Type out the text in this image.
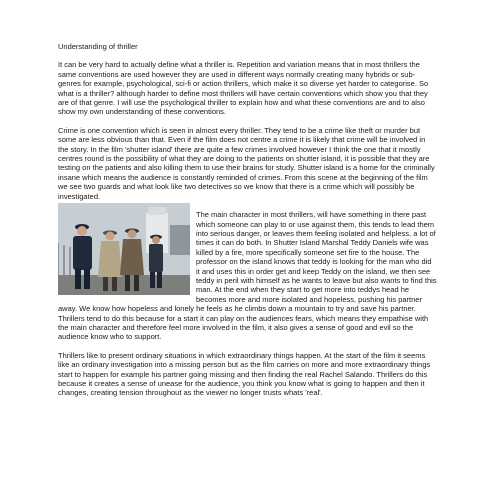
Understanding of thriller

It can be very hard to actually define what a thriller is. Repetition and variation means that in most thrillers the same conventions are used however they are used in different ways normally creating many hybrids or sub-genres for example, psychological, sci-fi or action thrillers, which make it so diverse yet harder to categorise. So what is a thriller? although harder to define most thrillers will have certain conventions which show you that they are of that genre. I will use the psychological thriller to explain how and what these conventions are and to also show my own understanding of these conventions.

Crime is one convention which is seen in almost every thriller. They tend to be a crime like theft or murder but some are less obvious than that. Even if the film does not centre a crime it is likely that crime will be involved in the story. In the film 'shutter island' there are quite a few crimes involved however I think the one that it mostly centres round is the possibility of what they are doing to the patients on shutter island, it is possible that they are testing on the patients and also killing them to use their brains for study. Shutter island is a home for the criminally insane which means the audience is constantly reminded of crimes. From this scene at the beginning of the film we see two guards and what look like two detectives so we know that there is a crime which will possibly be investigated.

The main character in most thrillers, will have something in there past which someone can play to or use against them, this tends to lead them into serious danger, or leaves them feeling isolated and helpless, a lot of times it can do both. In Shutter Island Marshal Teddy Daniels wife was killed by a fire, more specifically someone set fire to the house. The professor on the island knows that teddy is looking for the man who did it and uses this in order get and keep Teddy on the island, we then see teddy in peril with himself as he wants to leave but also wants to find this man. At the end when they start to get more into teddys head he becomes more and more isolated and hopeless, pushing his partner away. We know how hopeless and lonely he feels as he climbs down a mountain to try and save his partner. Thrillers tend to do this because for a start it can play on the audiences fears, which means they empathise with the main character and therefore feel more involved in the film, it also gives a sense of good and evil so the audience know who to support.

Thrillers like to present ordinary situations in which extraordinary things happen. At the start of the film it seems like an ordinary investigation into a missing person but as the film carries on more and more extraordinary things start to happen for example his partner going missing and then finding the real Rachel Salando. Thrillers do this because it creates a sense of unease for the audience, you think you know what is going to happen and then it changes, creating tension throughout as the viewer no longer trusts whats 'real'.
